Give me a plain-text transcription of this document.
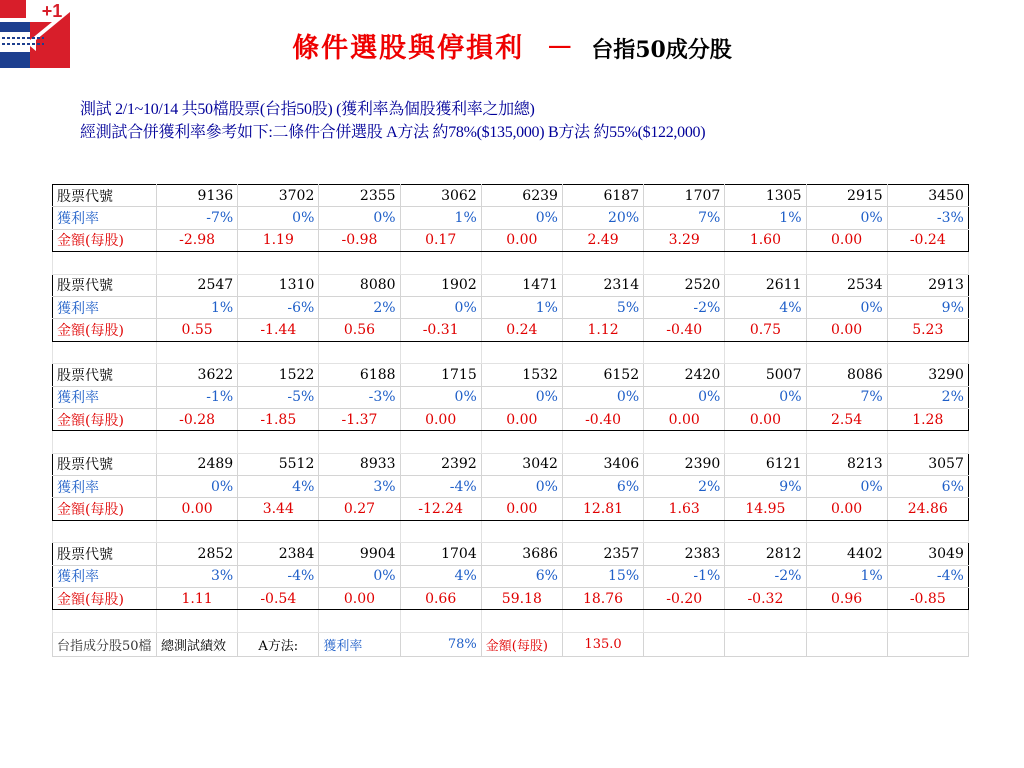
+1
條件選股與停損利 － 台指50成分股
測試 2/1~10/14 共50檔股票(台指50股) (獲利率為個股獲利率之加總)
經測試合併獲利率參考如下:二條件合併選股 A方法 約78%($135,000) B方法 約55%($122,000)
股票代號	9136	3702	2355	3062	6239	6187	1707	1305	2915	3450
獲利率	-7%	0%	0%	1%	0%	20%	7%	1%	0%	-3%
金額(每股)	-2.98	1.19	-0.98	0.17	0.00	2.49	3.29	1.60	0.00	-0.24

股票代號	2547	1310	8080	1902	1471	2314	2520	2611	2534	2913
獲利率	1%	-6%	2%	0%	1%	5%	-2%	4%	0%	9%
金額(每股)	0.55	-1.44	0.56	-0.31	0.24	1.12	-0.40	0.75	0.00	5.23

股票代號	3622	1522	6188	1715	1532	6152	2420	5007	8086	3290
獲利率	-1%	-5%	-3%	0%	0%	0%	0%	0%	7%	2%
金額(每股)	-0.28	-1.85	-1.37	0.00	0.00	-0.40	0.00	0.00	2.54	1.28

股票代號	2489	5512	8933	2392	3042	3406	2390	6121	8213	3057
獲利率	0%	4%	3%	-4%	0%	6%	2%	9%	0%	6%
金額(每股)	0.00	3.44	0.27	-12.24	0.00	12.81	1.63	14.95	0.00	24.86

股票代號	2852	2384	9904	1704	3686	2357	2383	2812	4402	3049
獲利率	3%	-4%	0%	4%	6%	15%	-1%	-2%	1%	-4%
金額(每股)	1.11	-0.54	0.00	0.66	59.18	18.76	-0.20	-0.32	0.96	-0.85

台指成分股50檔	總測試績效	A方法:	獲利率	78%	金額(每股)	135.0				
